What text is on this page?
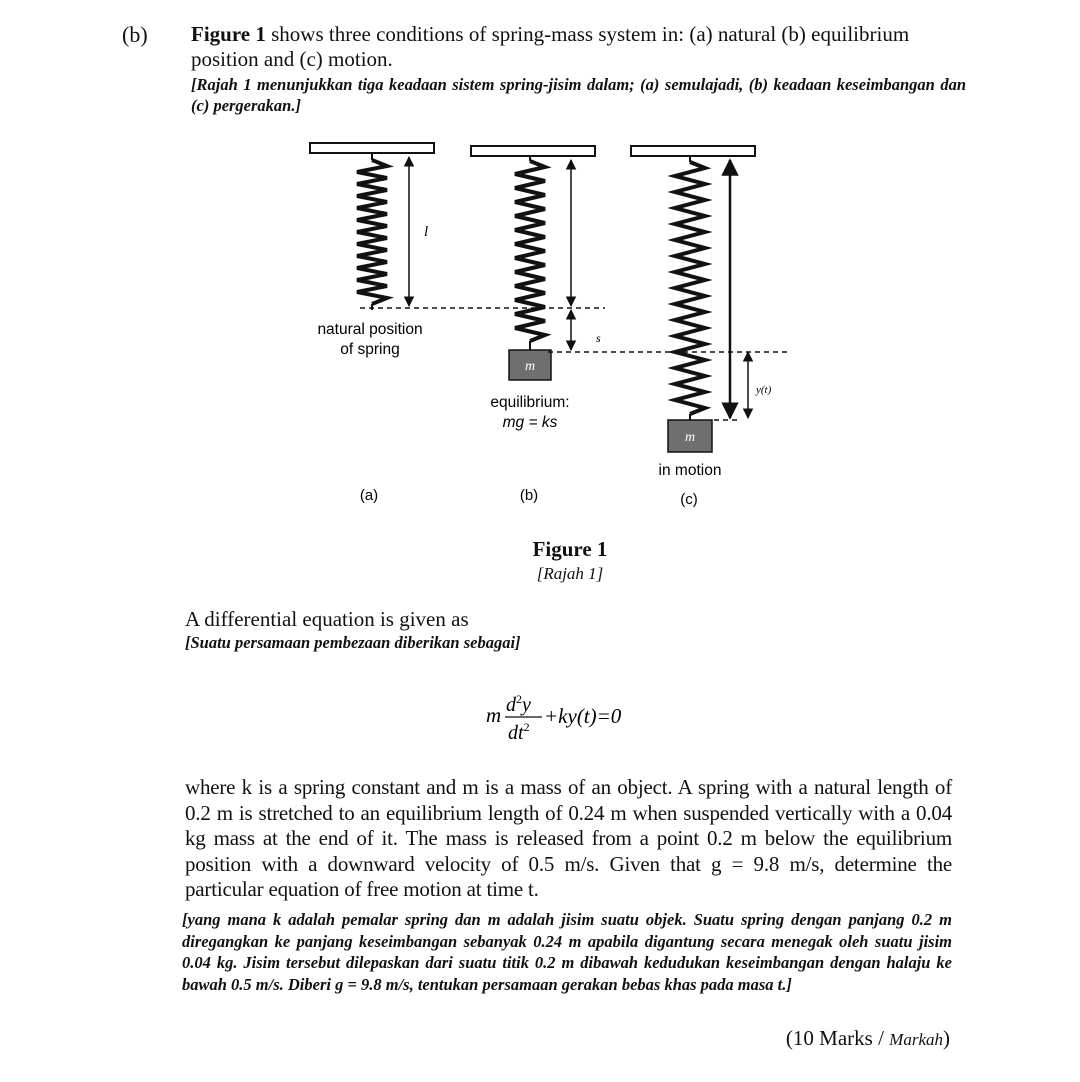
(b) Figure 1 shows three conditions of spring-mass system in: (a) natural (b) equilibrium position and (c) motion.
[Rajah 1 menunjukkan tiga keadaan sistem spring-jisim dalam; (a) semulajadi, (b) keadaan keseimbangan dan (c) pergerakan.]
l
natural position
of spring
s
m
m
equilibrium:
mg = ks
y(t)
in motion
(a)	(b)	(c)
Figure 1
[Rajah 1]
A differential equation is given as
[Suatu persamaan pembezaan diberikan sebagai]
m $d^2y$
$dt^2 +ky(t)=0$
where k is a spring constant and m is a mass of an object. A spring with a natural length of 0.2 m is stretched to an equilibrium length of 0.24 m when suspended vertically with a 0.04 kg mass at the end of it. The mass is released from a point 0.2 m below the equilibrium position with a downward velocity of 0.5 m/s. Given that g = 9.8 m/s, determine the particular equation of free motion at time t.
[yang mana k adalah pemalar spring dan m adalah jisim suatu objek. Suatu spring dengan panjang 0.2 m diregangkan ke panjang keseimbangan sebanyak 0.24 m apabila digantung secara menegak oleh suatu jisim 0.04 kg. Jisim tersebut dilepaskan dari suatu titik 0.2 m dibawah kedudukan keseimbangan dengan halaju ke bawah 0.5 m/s. Diberi g = 9.8 m/s, tentukan persamaan gerakan bebas khas pada masa t.]
(10 Marks / Markah)
